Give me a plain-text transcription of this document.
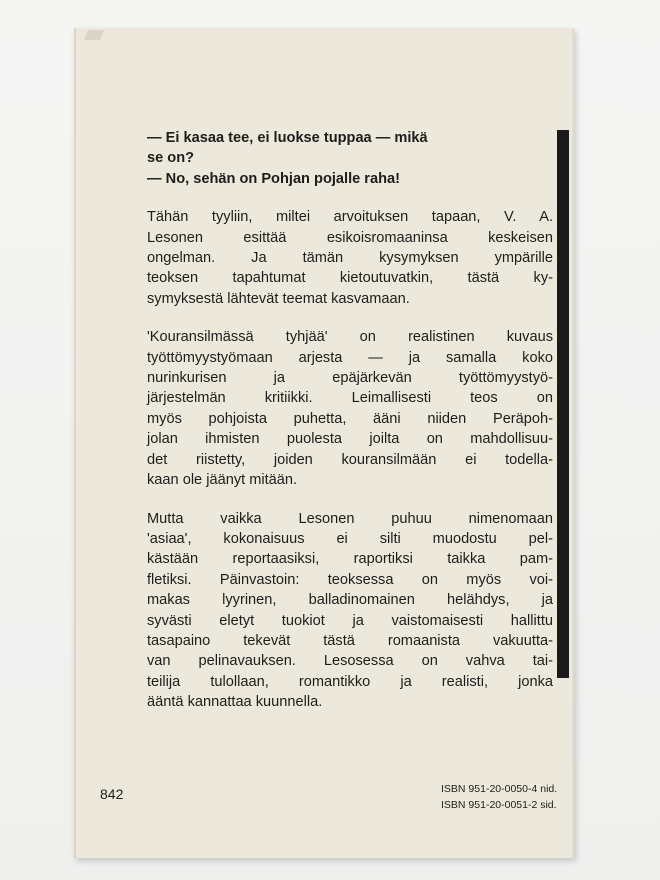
— Ei kasaa tee, ei luokse tuppaa — mikä

se on?

— No, sehän on Pohjan pojalle raha!

Tähän tyyliin, miltei arvoituksen tapaan, V. A.

Lesonen esittää esikoisromaaninsa keskeisen

ongelman. Ja tämän kysymyksen ympärille

teoksen tapahtumat kietoutuvatkin, tästä ky-

symyksestä lähtevät teemat kasvamaan.

'Kouransilmässä tyhjää' on realistinen kuvaus

työttömyystyömaan arjesta — ja samalla koko

nurinkurisen ja epäjärkevän työttömyystyö-

järjestelmän kritiikki. Leimallisesti teos on

myös pohjoista puhetta, ääni niiden Peräpoh-

jolan ihmisten puolesta joilta on mahdollisuu-

det riistetty, joiden kouransilmään ei todella-

kaan ole jäänyt mitään.

Mutta vaikka Lesonen puhuu nimenomaan

'asiaa', kokonaisuus ei silti muodostu pel-

kästään reportaasiksi, raportiksi taikka pam-

fletiksi. Päinvastoin: teoksessa on myös voi-

makas lyyrinen, balladinomainen helähdys, ja

syvästi eletyt tuokiot ja vaistomaisesti hallittu

tasapaino tekevät tästä romaanista vakuutta-

van pelinavauksen. Lesosessa on vahva tai-

teilija tulollaan, romantikko ja realisti, jonka

ääntä kannattaa kuunnella.

842	ISBN 951-20-0050-4 nid.
ISBN 951-20-0051-2 sid.
